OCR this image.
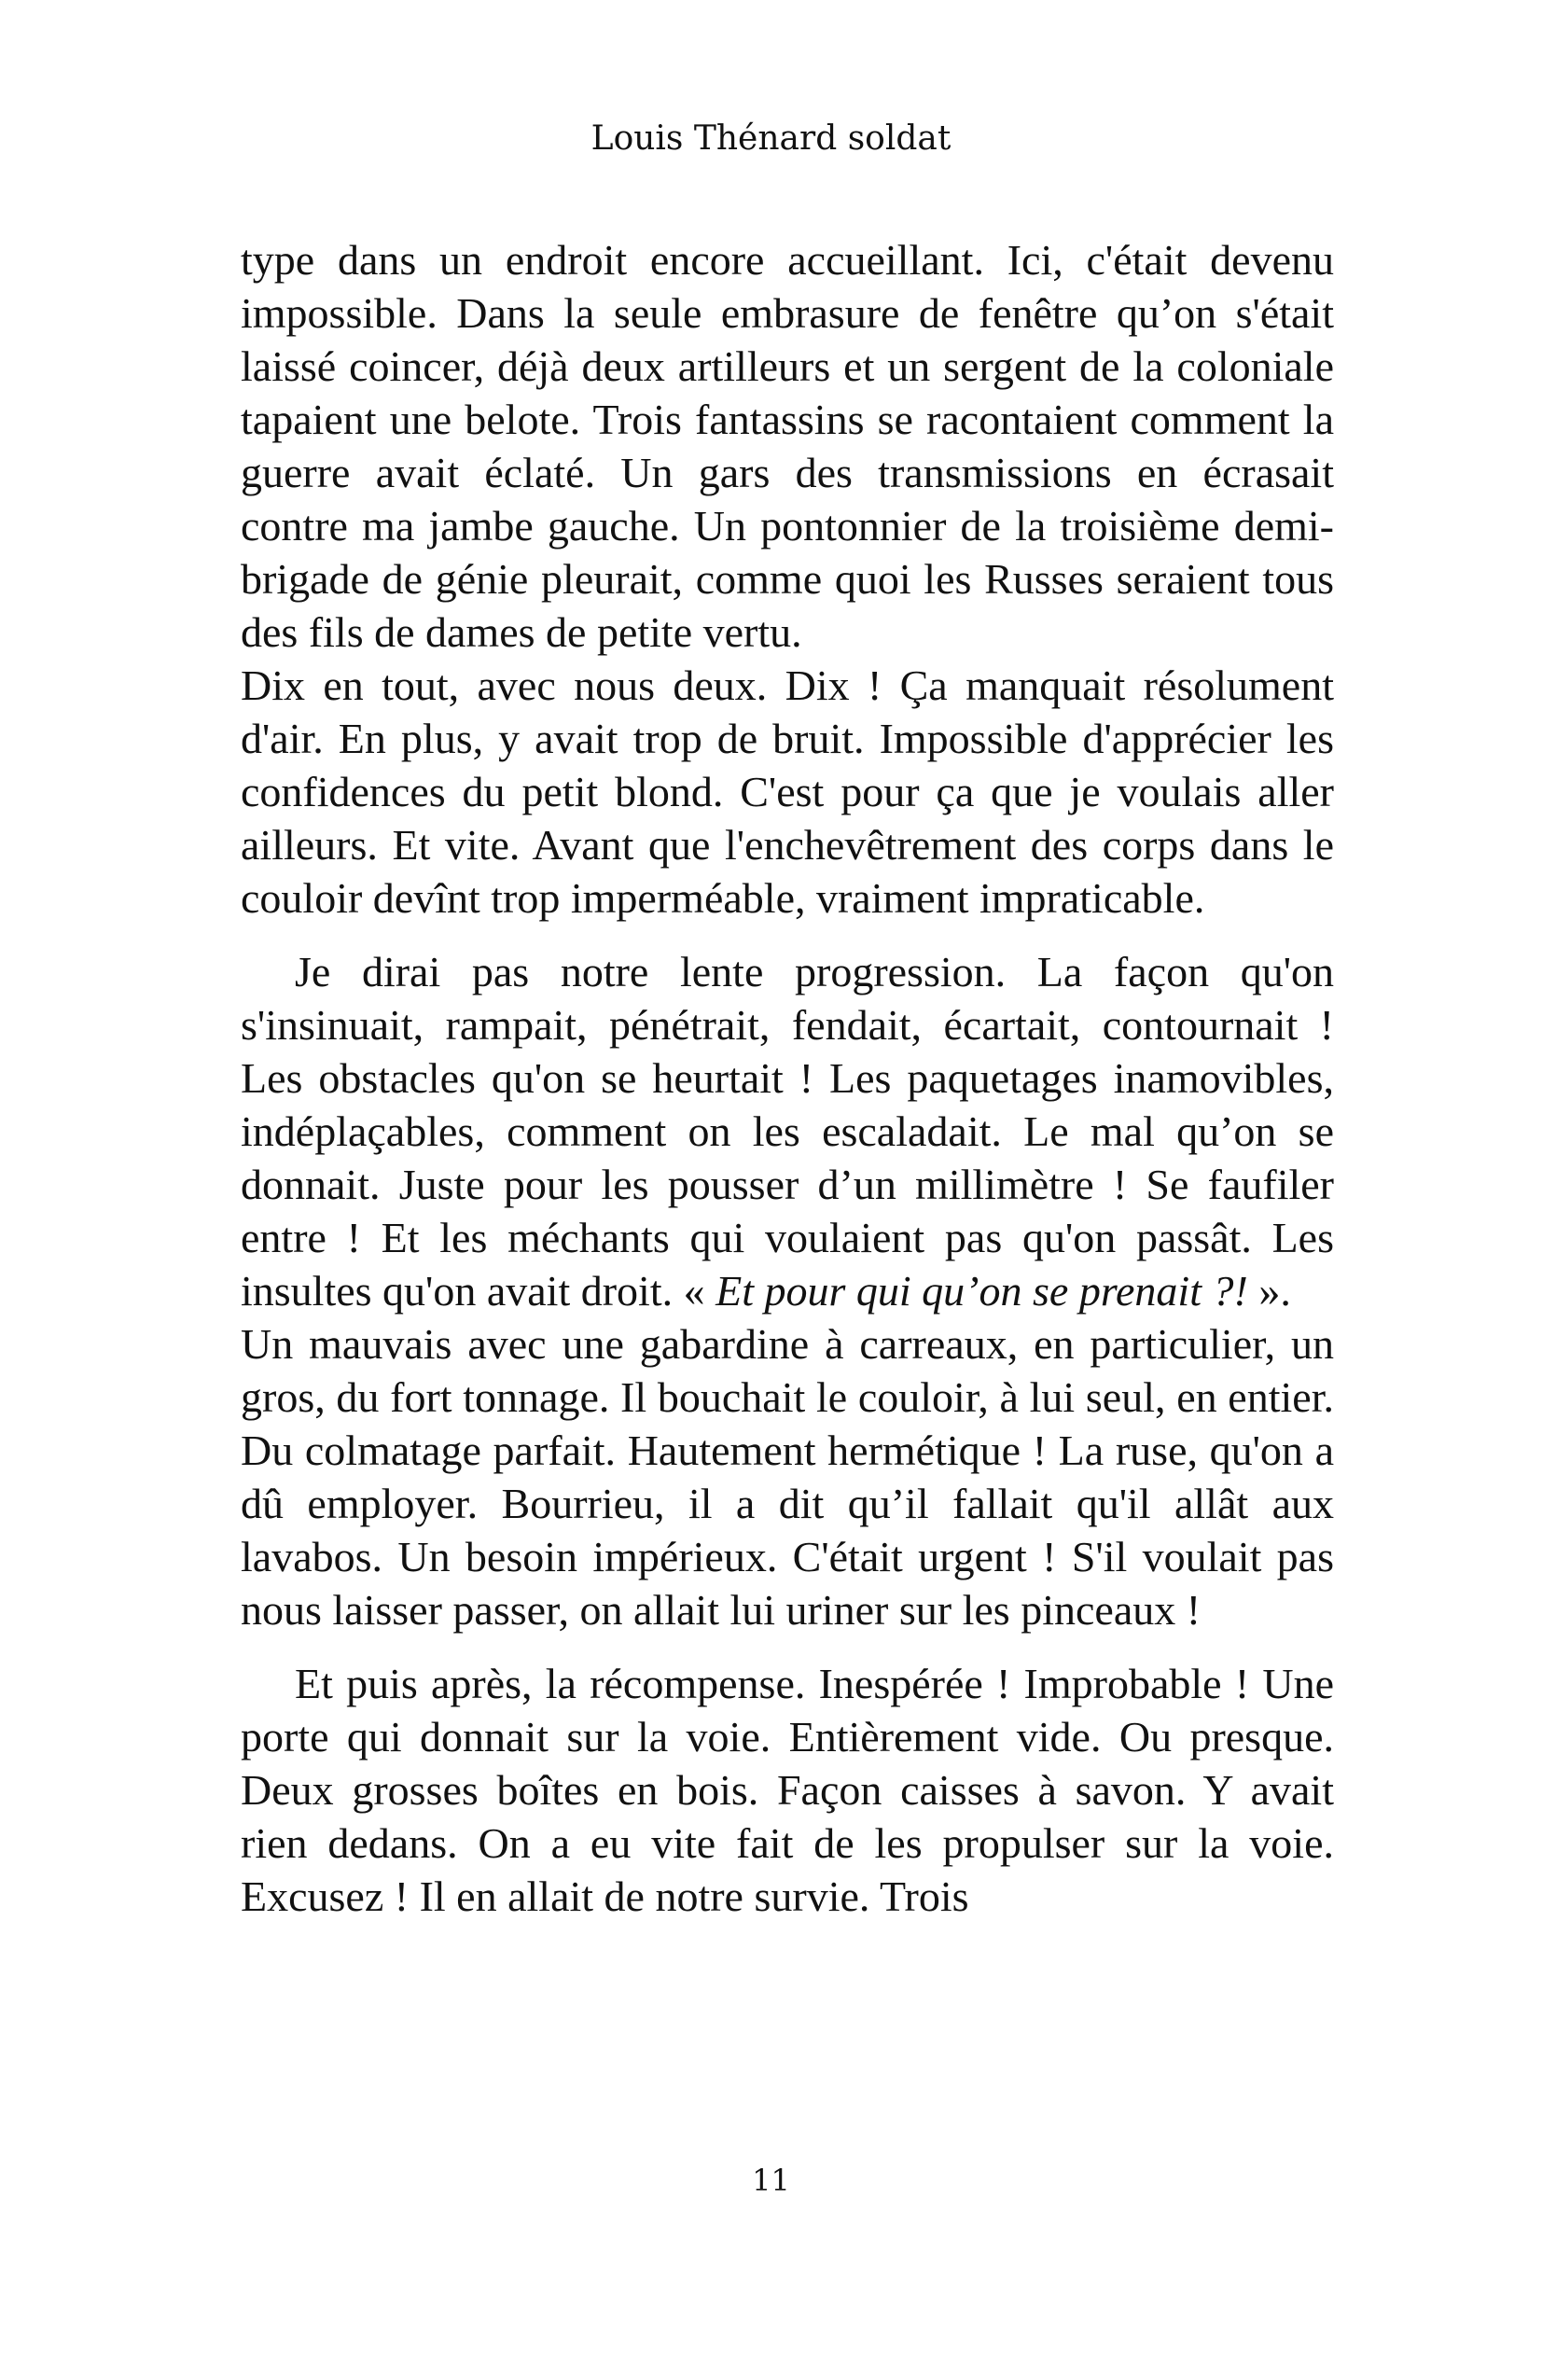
Louis Thénard soldat

type dans un endroit encore accueillant. Ici, c'était devenu impossible. Dans la seule embrasure de fenêtre qu’on s'était laissé coincer, déjà deux artilleurs et un sergent de la coloniale tapaient une belote. Trois fantassins se racontaient comment la guerre avait éclaté. Un gars des transmissions en écrasait contre ma jambe gauche. Un pontonnier de la troisième demi-brigade de génie pleurait, comme quoi les Russes seraient tous des fils de dames de petite vertu.

Dix en tout, avec nous deux. Dix ! Ça manquait résolument d'air. En plus, y avait trop de bruit. Impossible d'apprécier les confidences du petit blond. C'est pour ça que je voulais aller ailleurs. Et vite. Avant que l'enchevêtrement des corps dans le couloir devînt trop imperméable, vraiment impraticable.

Je dirai pas notre lente progression. La façon qu'on s'insinuait, rampait, pénétrait, fendait, écartait, contournait ! Les obstacles qu'on se heurtait ! Les paquetages inamovibles, indéplaçables, comment on les escaladait. Le mal qu’on se donnait. Juste pour les pousser d’un millimètre ! Se faufiler entre ! Et les méchants qui voulaient pas qu'on passât. Les insultes qu'on avait droit. « Et pour qui qu’on se prenait ?! ».

Un mauvais avec une gabardine à carreaux, en particulier, un gros, du fort tonnage. Il bouchait le couloir, à lui seul, en entier. Du colmatage parfait. Hautement hermétique ! La ruse, qu'on a dû employer. Bourrieu, il a dit qu’il fallait qu'il allât aux lavabos. Un besoin impérieux. C'était urgent ! S'il voulait pas nous laisser passer, on allait lui uriner sur les pinceaux !

Et puis après, la récompense. Inespérée ! Improbable ! Une porte qui donnait sur la voie. Entièrement vide. Ou presque. Deux grosses boîtes en bois. Façon caisses à savon. Y avait rien dedans. On a eu vite fait de les propulser sur la voie. Excusez ! Il en allait de notre survie. Trois

11
